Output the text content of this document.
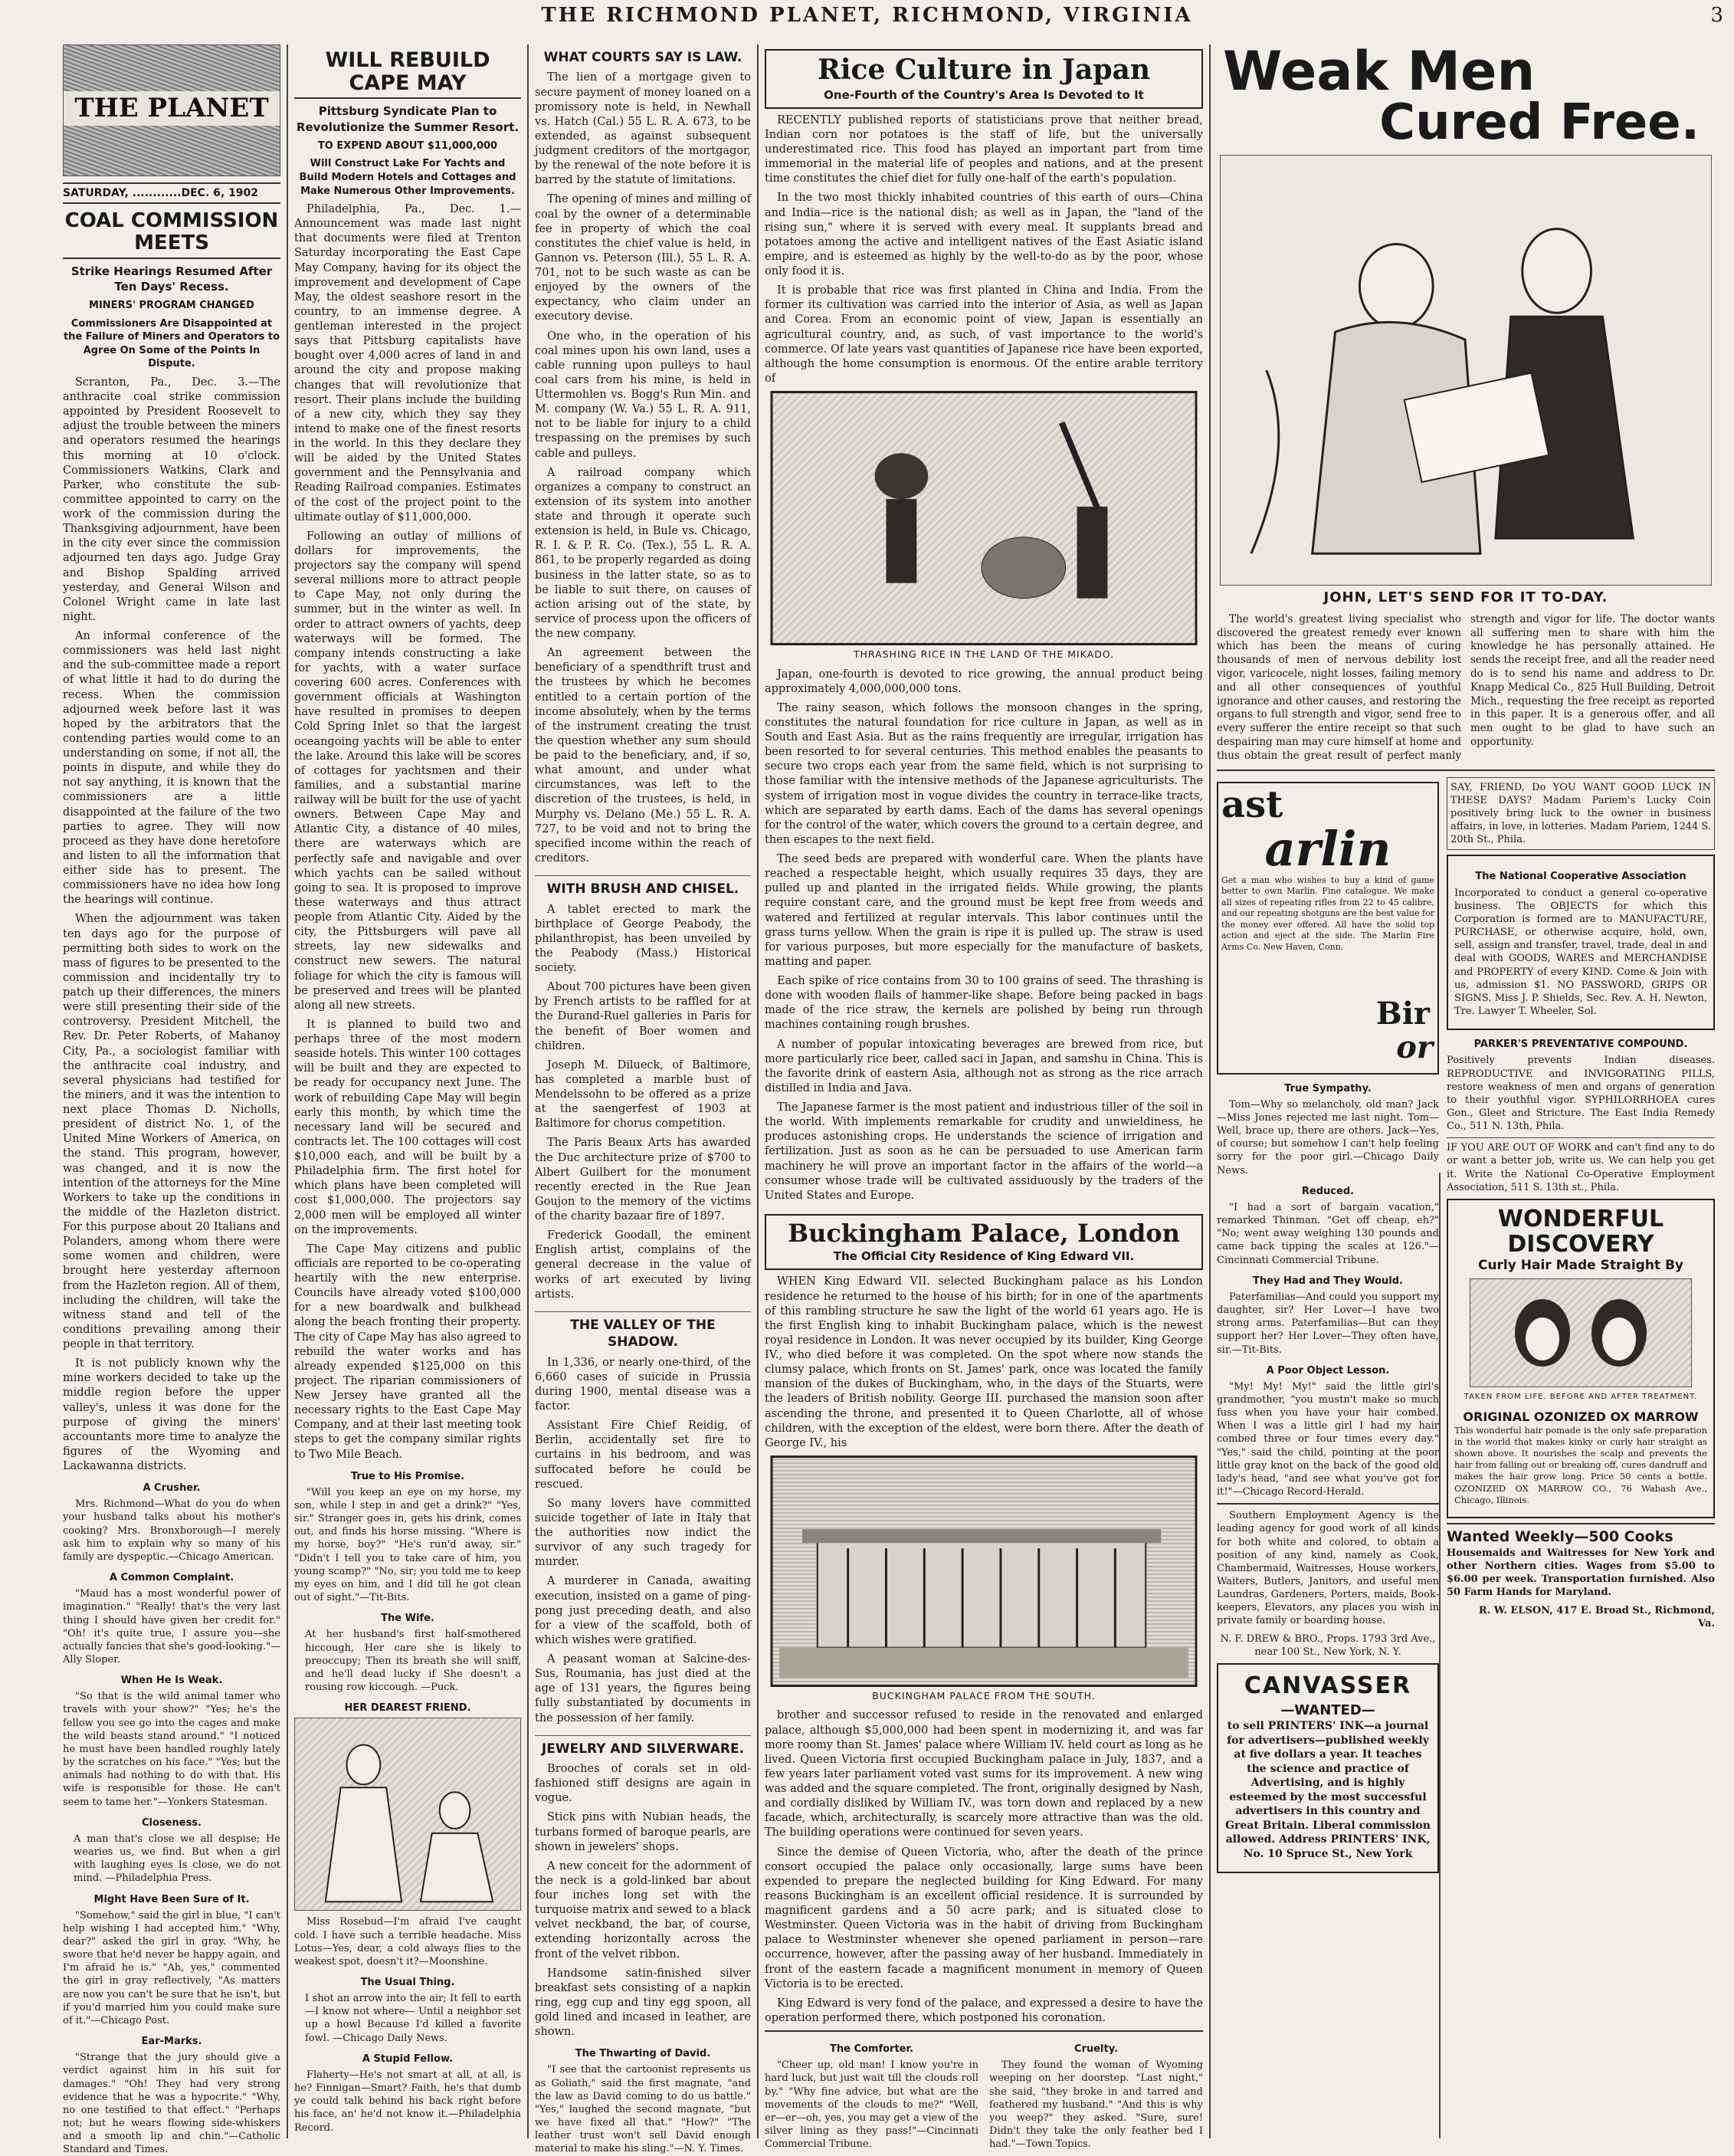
THE RICHMOND PLANET, RICHMOND, VIRGINIA	3
THE PLANET
SATURDAY, ............DEC. 6, 1902
COAL COMMISSION MEETS
Strike Hearings Resumed After Ten Days' Recess.
MINERS' PROGRAM CHANGED
Commissioners Are Disappointed at the Failure of Miners and Operators to Agree On Some of the Points In Dispute.

Scranton, Pa., Dec. 3.—The anthracite coal strike commission appointed by President Roosevelt to adjust the trouble between the miners and operators resumed the hearings this morning at 10 o'clock. Commissioners Watkins, Clark and Parker, who constitute the sub-committee appointed to carry on the work of the commission during the Thanksgiving adjournment, have been in the city ever since the commission adjourned ten days ago. Judge Gray and Bishop Spalding arrived yesterday, and General Wilson and Colonel Wright came in late last night.

An informal conference of the commissioners was held last night and the sub-committee made a report of what little it had to do during the recess. When the commission adjourned week before last it was hoped by the arbitrators that the contending parties would come to an understanding on some, if not all, the points in dispute, and while they do not say anything, it is known that the commissioners are a little disappointed at the failure of the two parties to agree. They will now proceed as they have done heretofore and listen to all the information that either side has to present. The commissioners have no idea how long the hearings will continue.

When the adjournment was taken ten days ago for the purpose of permitting both sides to work on the mass of figures to be presented to the commission and incidentally try to patch up their differences, the miners were still presenting their side of the controversy. President Mitchell, the Rev. Dr. Peter Roberts, of Mahanoy City, Pa., a sociologist familiar with the anthracite coal industry, and several physicians had testified for the miners, and it was the intention to next place Thomas D. Nicholls, president of district No. 1, of the United Mine Workers of America, on the stand. This program, however, was changed, and it is now the intention of the attorneys for the Mine Workers to take up the conditions in the middle of the Hazleton district. For this purpose about 20 Italians and Polanders, among whom there were some women and children, were brought here yesterday afternoon from the Hazleton region. All of them, including the children, will take the witness stand and tell of the conditions prevailing among their people in that territory.

It is not publicly known why the mine workers decided to take up the middle region before the upper valley's, unless it was done for the purpose of giving the miners' accountants more time to analyze the figures of the Wyoming and Lackawanna districts.

A Crusher.

Mrs. Richmond—What do you do when your husband talks about his mother's cooking? Mrs. Bronxborough—I merely ask him to explain why so many of his family are dyspeptic.—Chicago American.

A Common Complaint.

"Maud has a most wonderful power of imagination." "Really! that's the very last thing I should have given her credit for." "Oh! it's quite true, I assure you—she actually fancies that she's good-looking."—Ally Sloper.

When He Is Weak.

"So that is the wild animal tamer who travels with your show?" "Yes; he's the fellow you see go into the cages and make the wild beasts stand around." "I noticed he must have been handled roughly lately by the scratches on his face." "Yes; but the animals had nothing to do with that. His wife is responsible for those. He can't seem to tame her."—Yonkers Statesman.

Closeness.

A man that's close we all despise; He wearies us, we find. But when a girl with laughing eyes Is close, we do not mind. —Philadelphia Press.

Might Have Been Sure of It.

"Somehow," said the girl in blue, "I can't help wishing I had accepted him." "Why, dear?" asked the girl in gray. "Why, he swore that he'd never be happy again, and I'm afraid he is." "Ah, yes," commented the girl in gray reflectively, "As matters are now you can't be sure that he isn't, but if you'd married him you could make sure of it."—Chicago Post.

Ear-Marks.

"Strange that the jury should give a verdict against him in his suit for damages." "Oh! They had very strong evidence that he was a hypocrite." "Why, no one testified to that effect." "Perhaps not; but he wears flowing side-whiskers and a smooth lip and chin."—Catholic Standard and Times.

WILL REBUILD CAPE MAY
Pittsburg Syndicate Plan to Revolutionize the Summer Resort.
TO EXPEND ABOUT $11,000,000
Will Construct Lake For Yachts and Build Modern Hotels and Cottages and Make Numerous Other Improvements.

Philadelphia, Pa., Dec. 1.—Announcement was made last night that documents were filed at Trenton Saturday incorporating the East Cape May Company, having for its object the improvement and development of Cape May, the oldest seashore resort in the country, to an immense degree. A gentleman interested in the project says that Pittsburg capitalists have bought over 4,000 acres of land in and around the city and propose making changes that will revolutionize that resort. Their plans include the building of a new city, which they say they intend to make one of the finest resorts in the world. In this they declare they will be aided by the United States government and the Pennsylvania and Reading Railroad companies. Estimates of the cost of the project point to the ultimate outlay of $11,000,000.

Following an outlay of millions of dollars for improvements, the projectors say the company will spend several millions more to attract people to Cape May, not only during the summer, but in the winter as well. In order to attract owners of yachts, deep waterways will be formed. The company intends constructing a lake for yachts, with a water surface covering 600 acres. Conferences with government officials at Washington have resulted in promises to deepen Cold Spring Inlet so that the largest oceangoing yachts will be able to enter the lake. Around this lake will be scores of cottages for yachtsmen and their families, and a substantial marine railway will be built for the use of yacht owners. Between Cape May and Atlantic City, a distance of 40 miles, there are waterways which are perfectly safe and navigable and over which yachts can be sailed without going to sea. It is proposed to improve these waterways and thus attract people from Atlantic City. Aided by the city, the Pittsburgers will pave all streets, lay new sidewalks and construct new sewers. The natural foliage for which the city is famous will be preserved and trees will be planted along all new streets.

It is planned to build two and perhaps three of the most modern seaside hotels. This winter 100 cottages will be built and they are expected to be ready for occupancy next June. The work of rebuilding Cape May will begin early this month, by which time the necessary land will be secured and contracts let. The 100 cottages will cost $10,000 each, and will be built by a Philadelphia firm. The first hotel for which plans have been completed will cost $1,000,000. The projectors say 2,000 men will be employed all winter on the improvements.

The Cape May citizens and public officials are reported to be co-operating heartily with the new enterprise. Councils have already voted $100,000 for a new boardwalk and bulkhead along the beach fronting their property. The city of Cape May has also agreed to rebuild the water works and has already expended $125,000 on this project. The riparian commissioners of New Jersey have granted all the necessary rights to the East Cape May Company, and at their last meeting took steps to get the company similar rights to Two Mile Beach.

True to His Promise.

"Will you keep an eye on my horse, my son, while I step in and get a drink?" "Yes, sir." Stranger goes in, gets his drink, comes out, and finds his horse missing. "Where is my horse, boy?" "He's run'd away, sir." "Didn't I tell you to take care of him, you young scamp?" "No, sir; you told me to keep my eyes on him, and I did till he got clean out of sight."—Tit-Bits.

The Wife.

At her husband's first half-smothered hiccough, Her care she is likely to preoccupy; Then its breath she will sniff, and he'll dead lucky if She doesn't a rousing row kiccough. —Puck.

HER DEAREST FRIEND.

Miss Rosebud—I'm afraid I've caught cold. I have such a terrible headache. Miss Lotus—Yes, dear, a cold always flies to the weakest spot, doesn't it?—Moonshine.

The Usual Thing.

I shot an arrow into the air; It fell to earth—I know not where— Until a neighbor set up a howl Because I'd killed a favorite fowl. —Chicago Daily News.

A Stupid Fellow.

Flaherty—He's not smart at all, at all, is he? Finnigan—Smart? Faith, he's that dumb ye could talk behind his back right before his face, an' he'd not know it.—Philadelphia Record.

WHAT COURTS SAY IS LAW.

The lien of a mortgage given to secure payment of money loaned on a promissory note is held, in Newhall vs. Hatch (Cal.) 55 L. R. A. 673, to be extended, as against subsequent judgment creditors of the mortgagor, by the renewal of the note before it is barred by the statute of limitations.

The opening of mines and milling of coal by the owner of a determinable fee in property of which the coal constitutes the chief value is held, in Gannon vs. Peterson (Ill.), 55 L. R. A. 701, not to be such waste as can be enjoyed by the owners of the expectancy, who claim under an executory devise.

One who, in the operation of his coal mines upon his own land, uses a cable running upon pulleys to haul coal cars from his mine, is held in Uttermohlen vs. Bogg's Run Min. and M. company (W. Va.) 55 L. R. A. 911, not to be liable for injury to a child trespassing on the premises by such cable and pulleys.

A railroad company which organizes a company to construct an extension of its system into another state and through it operate such extension is held, in Bule vs. Chicago, R. I. & P. R. Co. (Tex.), 55 L. R. A. 861, to be properly regarded as doing business in the latter state, so as to be liable to suit there, on causes of action arising out of the state, by service of process upon the officers of the new company.

An agreement between the beneficiary of a spendthrift trust and the trustees by which he becomes entitled to a certain portion of the income absolutely, when by the terms of the instrument creating the trust the question whether any sum should be paid to the beneficiary, and, if so, what amount, and under what circumstances, was left to the discretion of the trustees, is held, in Murphy vs. Delano (Me.) 55 L. R. A. 727, to be void and not to bring the specified income within the reach of creditors.

WITH BRUSH AND CHISEL.

A tablet erected to mark the birthplace of George Peabody, the philanthropist, has been unveiled by the Peabody (Mass.) Historical society.

About 700 pictures have been given by French artists to be raffled for at the Durand-Ruel galleries in Paris for the benefit of Boer women and children.

Joseph M. Dilueck, of Baltimore, has completed a marble bust of Mendelssohn to be offered as a prize at the saengerfest of 1903 at Baltimore for chorus competition.

The Paris Beaux Arts has awarded the Duc architecture prize of $700 to Albert Guilbert for the monument recently erected in the Rue Jean Goujon to the memory of the victims of the charity bazaar fire of 1897.

Frederick Goodall, the eminent English artist, complains of the general decrease in the value of works of art executed by living artists.

THE VALLEY OF THE SHADOW.

In 1,336, or nearly one-third, of the 6,660 cases of suicide in Prussia during 1900, mental disease was a factor.

Assistant Fire Chief Reidig, of Berlin, accidentally set fire to curtains in his bedroom, and was suffocated before he could be rescued.

So many lovers have committed suicide together of late in Italy that the authorities now indict the survivor of any such tragedy for murder.

A murderer in Canada, awaiting execution, insisted on a game of ping-pong just preceding death, and also for a view of the scaffold, both of which wishes were gratified.

A peasant woman at Salcine-des-Sus, Roumania, has just died at the age of 131 years, the figures being fully substantiated by documents in the possession of her family.

JEWELRY AND SILVERWARE.

Brooches of corals set in old-fashioned stiff designs are again in vogue.

Stick pins with Nubian heads, the turbans formed of baroque pearls, are shown in jewelers' shops.

A new conceit for the adornment of the neck is a gold-linked bar about four inches long set with the turquoise matrix and sewed to a black velvet neckband, the bar, of course, extending horizontally across the front of the velvet ribbon.

Handsome satin-finished silver breakfast sets consisting of a napkin ring, egg cup and tiny egg spoon, all gold lined and incased in leather, are shown.

The Thwarting of David.

"I see that the cartoonist represents us as Goliath," said the first magnate, "and the law as David coming to do us battle." "Yes," laughed the second magnate, "but we have fixed all that." "How?" "The leather trust won't sell David enough material to make his sling."—N. Y. Times.

Rice Culture in Japan
One-Fourth of the Country's Area Is Devoted to It

RECENTLY published reports of statisticians prove that neither bread, Indian corn nor potatoes is the staff of life, but the universally underestimated rice. This food has played an important part from time immemorial in the material life of peoples and nations, and at the present time constitutes the chief diet for fully one-half of the earth's population.

In the two most thickly inhabited countries of this earth of ours—China and India—rice is the national dish; as well as in Japan, the "land of the rising sun," where it is served with every meal. It supplants bread and potatoes among the active and intelligent natives of the East Asiatic island empire, and is esteemed as highly by the well-to-do as by the poor, whose only food it is.

It is probable that rice was first planted in China and India. From the former its cultivation was carried into the interior of Asia, as well as Japan and Corea. From an economic point of view, Japan is essentially an agricultural country, and, as such, of vast importance to the world's commerce. Of late years vast quantities of Japanese rice have been exported, although the home consumption is enormous. Of the entire arable territory of

THRASHING RICE IN THE LAND OF THE MIKADO.

Japan, one-fourth is devoted to rice growing, the annual product being approximately 4,000,000,000 tons.

The rainy season, which follows the monsoon changes in the spring, constitutes the natural foundation for rice culture in Japan, as well as in South and East Asia. But as the rains frequently are irregular, irrigation has been resorted to for several centuries. This method enables the peasants to secure two crops each year from the same field, which is not surprising to those familiar with the intensive methods of the Japanese agriculturists. The system of irrigation most in vogue divides the country in terrace-like tracts, which are separated by earth dams. Each of the dams has several openings for the control of the water, which covers the ground to a certain degree, and then escapes to the next field.

The seed beds are prepared with wonderful care. When the plants have reached a respectable height, which usually requires 35 days, they are pulled up and planted in the irrigated fields. While growing, the plants require constant care, and the ground must be kept free from weeds and watered and fertilized at regular intervals. This labor continues until the grass turns yellow. When the grain is ripe it is pulled up. The straw is used for various purposes, but more especially for the manufacture of baskets, matting and paper.

Each spike of rice contains from 30 to 100 grains of seed. The thrashing is done with wooden flails of hammer-like shape. Before being packed in bags made of the rice straw, the kernels are polished by being run through machines containing rough brushes.

A number of popular intoxicating beverages are brewed from rice, but more particularly rice beer, called saci in Japan, and samshu in China. This is the favorite drink of eastern Asia, although not as strong as the rice arrach distilled in India and Java.

The Japanese farmer is the most patient and industrious tiller of the soil in the world. With implements remarkable for crudity and unwieldiness, he produces astonishing crops. He understands the science of irrigation and fertilization. Just as soon as he can be persuaded to use American farm machinery he will prove an important factor in the affairs of the world—a consumer whose trade will be cultivated assiduously by the traders of the United States and Europe.

Buckingham Palace, London
The Official City Residence of King Edward VII.

WHEN King Edward VII. selected Buckingham palace as his London residence he returned to the house of his birth; for in one of the apartments of this rambling structure he saw the light of the world 61 years ago. He is the first English king to inhabit Buckingham palace, which is the newest royal residence in London. It was never occupied by its builder, King George IV., who died before it was completed. On the spot where now stands the clumsy palace, which fronts on St. James' park, once was located the family mansion of the dukes of Buckingham, who, in the days of the Stuarts, were the leaders of British nobility. George III. purchased the mansion soon after ascending the throne, and presented it to Queen Charlotte, all of whose children, with the exception of the eldest, were born there. After the death of George IV., his

BUCKINGHAM PALACE FROM THE SOUTH.

brother and successor refused to reside in the renovated and enlarged palace, although $5,000,000 had been spent in modernizing it, and was far more roomy than St. James' palace where William IV. held court as long as he lived. Queen Victoria first occupied Buckingham palace in July, 1837, and a few years later parliament voted vast sums for its improvement. A new wing was added and the square completed. The front, originally designed by Nash, and cordially disliked by William IV., was torn down and replaced by a new facade, which, architecturally, is scarcely more attractive than was the old. The building operations were continued for seven years.

Since the demise of Queen Victoria, who, after the death of the prince consort occupied the palace only occasionally, large sums have been expended to prepare the neglected building for King Edward. For many reasons Buckingham is an excellent official residence. It is surrounded by magnificent gardens and a 50 acre park; and is situated close to Westminster. Queen Victoria was in the habit of driving from Buckingham palace to Westminster whenever she opened parliament in person—rare occurrence, however, after the passing away of her husband. Immediately in front of the eastern facade a magnificent monument in memory of Queen Victoria is to be erected.

King Edward is very fond of the palace, and expressed a desire to have the operation performed there, which postponed his coronation.

The Comforter.

"Cheer up, old man! I know you're in hard luck, but just wait till the clouds roll by." "Why fine advice, but what are the movements of the clouds to me?" "Well, er—er—oh, yes, you may get a view of the silver lining as they pass!"—Cincinnati Commercial Tribune.

Cruelty.

They found the woman of Wyoming weeping on her doorstep. "Last night," she said, "they broke in and tarred and feathered my husband." "And this is why you weep?" they asked. "Sure, sure! Didn't they take the only feather bed I had."—Town Topics.

Weak Men
Cured Free.
JOHN, LET'S SEND FOR IT TO-DAY.

The world's greatest living specialist who discovered the greatest remedy ever known which has been the means of curing thousands of men of nervous debility lost vigor, varicocele, night losses, failing memory and all other consequences of youthful ignorance and other causes, and restoring the organs to full strength and vigor, send free to every sufferer the entire receipt so that such despairing man may cure himself at home and thus obtain the great result of perfect manly strength and vigor for life. The doctor wants all suffering men to share with him the knowledge he has personally attained. He sends the receipt free, and all the reader need do is to send his name and address to Dr. Knapp Medical Co., 825 Hull Building, Detroit Mich., requesting the free receipt as reported in this paper. It is a generous offer, and all men ought to be glad to have such an opportunity.

ast
arlin

Get a man who wishes to buy a kind of game better to own Marlin. Fine catalogue. We make all sizes of repeating rifles from 22 to 45 calibre, and our repeating shotguns are the best value for the money ever offered. All have the solid top action and eject at the side. The Marlin Fire Arms Co. New Haven, Conn.

or
Bir
True Sympathy.

Tom—Why so melancholy, old man? Jack—Miss Jones rejected me last night. Tom—Well, brace up, there are others. Jack—Yes, of course; but somehow I can't help feeling sorry for the poor girl.—Chicago Daily News.

Reduced.

"I had a sort of bargain vacation," remarked Thinman. "Get off cheap, eh?" "No; went away weighing 130 pounds and came back tipping the scales at 126."—Cincinnati Commercial Tribune.

They Had and They Would.

Paterfamilias—And could you support my daughter, sir? Her Lover—I have two strong arms. Paterfamilias—But can they support her? Her Lover—They often have, sir.—Tit-Bits.

A Poor Object Lesson.

"My! My! My!" said the little girl's grandmother, "you mustn't make so much fuss when you have your hair combed. When I was a little girl I had my hair combed three or four times every day." "Yes," said the child, pointing at the poor little gray knot on the back of the good old lady's head, "and see what you've got for it!"—Chicago Record-Herald.

Southern Employment Agency is the leading agency for good work of all kinds for both white and colored, to obtain a position of any kind, namely as Cook, Chambermaid, Waitresses, House workers, Waiters, Butlers, Janitors, and useful men Laundras, Gardeners, Porters, maids, Book-keepers, Elevators, any places you wish in private family or boarding house.

N. F. DREW & BRO., Props. 1793 3rd Ave., near 100 St., New York, N. Y.

CANVASSER
—WANTED—

to sell PRINTERS' INK—a journal for advertisers—published weekly at five dollars a year. It teaches the science and practice of Advertising, and is highly esteemed by the most successful advertisers in this country and Great Britain. Liberal commission allowed. Address PRINTERS' INK, No. 10 Spruce St., New York

SAY, FRIEND, Do YOU WANT GOOD LUCK IN THESE DAYS? Madam Pariem's Lucky Coin positively bring luck to the owner in business affairs, in love, in lotteries. Madam Pariem, 1244 S. 20th St., Phila.

The National Cooperative Association

Incorporated to conduct a general co-operative business. The OBJECTS for which this Corporation is formed are to MANUFACTURE, PURCHASE, or otherwise acquire, hold, own, sell, assign and transfer, travel, trade, deal in and deal with GOODS, WARES and MERCHANDISE and PROPERTY of every KIND. Come & Join with us, admission $1. NO PASSWORD, GRIPS OR SIGNS. Miss J. P. Shields, Sec. Rev. A. H. Newton, Tre. Lawyer T. Wheeler, Sol.

PARKER'S PREVENTATIVE COMPOUND.

Positively prevents Indian diseases. REPRODUCTIVE and INVIGORATING PILLS, restore weakness of men and organs of generation to their youthful vigor. SYPHILORRHOEA cures Gon., Gleet and Stricture. The East India Remedy Co., 511 N. 13th, Phila.

IF YOU ARE OUT OF WORK and can't find any to do or want a better job, write us. We can help you get it. Write the National Co-Operative Employment Association, 511 S. 13th st., Phila.

WONDERFUL DISCOVERY
Curly Hair Made Straight By
TAKEN FROM LIFE. BEFORE AND AFTER TREATMENT.
ORIGINAL OZONIZED OX MARROW

This wonderful hair pomade is the only safe preparation in the world that makes kinky or curly hair straight as shown above. It nourishes the scalp and prevents the hair from falling out or breaking off, cures dandruff and makes the hair grow long. Price 50 cents a bottle. OZONIZED OX MARROW CO., 76 Wabash Ave., Chicago, Illinois.

Wanted Weekly—500 Cooks

Housemaids and Waitresses for New York and other Northern cities. Wages from $5.00 to $6.00 per week. Transportation furnished. Also 50 Farm Hands for Maryland.

R. W. ELSON, 417 E. Broad St., Richmond, Va.
